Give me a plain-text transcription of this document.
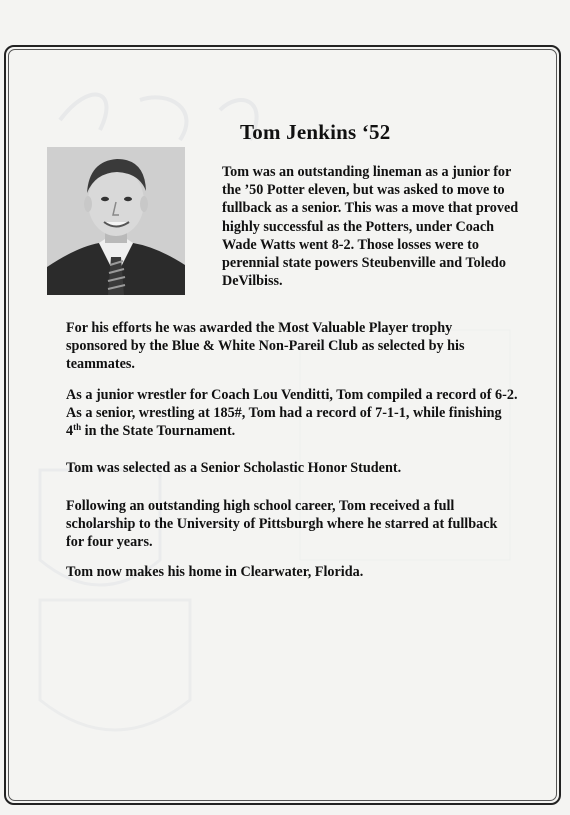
Tom Jenkins ‘52

Tom was an outstanding lineman as a junior for the ’50 Potter eleven, but was asked to move to fullback as a senior. This was a move that proved highly successful as the Potters, under Coach Wade Watts went 8-2. Those losses were to perennial state powers Steubenville and Toledo DeVilbiss.

For his efforts he was awarded the Most Valuable Player trophy sponsored by the Blue & White Non-Pareil Club as selected by his teammates.

As a junior wrestler for Coach Lou Venditti, Tom compiled a record of 6-2. As a senior, wrestling at 185#, Tom had a record of 7-1-1, while finishing 4th in the State Tournament.

Tom was selected as a Senior Scholastic Honor Student.

Following an outstanding high school career, Tom received a full scholarship to the University of Pittsburgh where he starred at fullback for four years.

Tom now makes his home in Clearwater, Florida.
